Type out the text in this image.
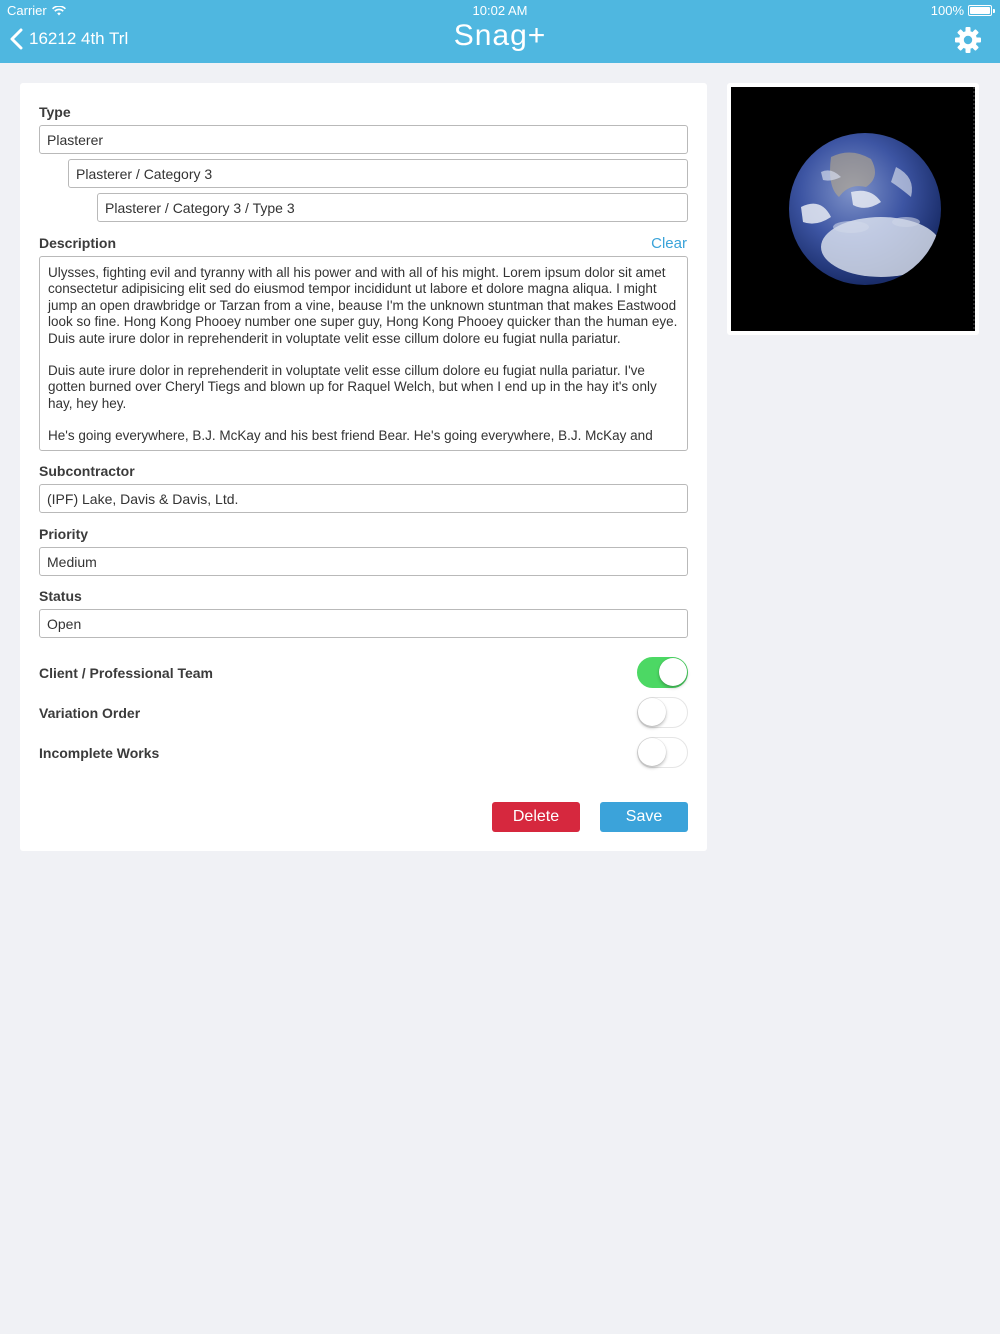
Carrier	10:02 AM	100%
16212 4th Trl	Snag+
Type
Plasterer
Plasterer / Category 3
Plasterer / Category 3 / Type 3
Description	Clear

Ulysses, fighting evil and tyranny with all his power and with all of his might. Lorem ipsum dolor sit amet consectetur adipisicing elit sed do eiusmod tempor incididunt ut labore et dolore magna aliqua. I might jump an open drawbridge or Tarzan from a vine, beause I'm the unknown stuntman that makes Eastwood look so fine. Hong Kong Phooey number one super guy, Hong Kong Phooey quicker than the human eye. Duis aute irure dolor in reprehenderit in voluptate velit esse cillum dolore eu fugiat nulla pariatur.

Duis aute irure dolor in reprehenderit in voluptate velit esse cillum dolore eu fugiat nulla pariatur. I've gotten burned over Cheryl Tiegs and blown up for Raquel Welch, but when I end up in the hay it's only hay, hey hey.

He's going everywhere, B.J. McKay and his best friend Bear. He's going everywhere, B.J. McKay and

Subcontractor
(IPF) Lake, Davis & Davis, Ltd.
Priority
Medium
Status
Open
Client / Professional Team
Variation Order
Incomplete Works
Delete	Save
